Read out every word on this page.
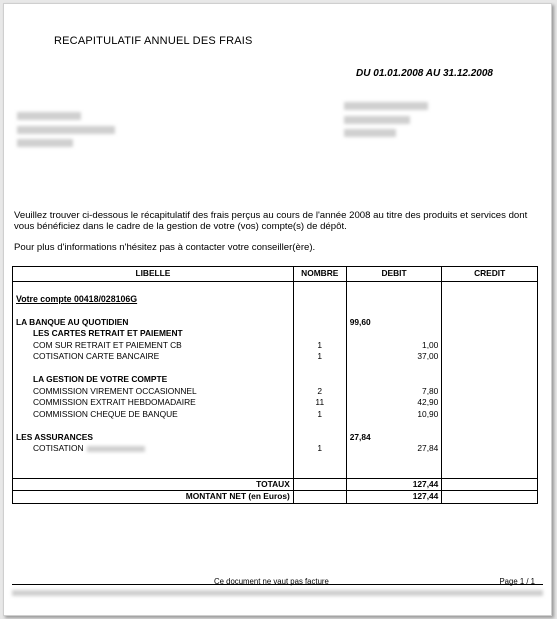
RECAPITULATIF ANNUEL DES FRAIS
DU 01.01.2008 AU 31.12.2008
Veuillez trouver ci-dessous le récapitulatif des frais perçus au cours de l'année 2008 au titre des produits et services dont vous bénéficiez dans le cadre de la gestion de votre (vos) compte(s) de dépôt.
Pour plus d'informations n'hésitez pas à contacter votre conseiller(ère).
LIBELLE	NOMBRE	DEBIT	CREDIT

Votre compte 00418/028106G			

LA BANQUE AU QUOTIDIEN		99,60	
LES CARTES RETRAIT ET PAIEMENT			
COM SUR RETRAIT ET PAIEMENT CB	1	1,00	
COTISATION CARTE BANCAIRE	1	37,00	

LA GESTION DE VOTRE COMPTE			
COMMISSION VIREMENT OCCASIONNEL	2	7,80	
COMMISSION EXTRAIT HEBDOMADAIRE	11	42,90	
COMMISSION CHEQUE DE BANQUE	1	10,90	

LES ASSURANCES		27,84	
COTISATION	1	27,84	

TOTAUX		127,44	
MONTANT NET (en Euros)		127,44	
Ce document ne vaut pas facture	Page 1 / 1
